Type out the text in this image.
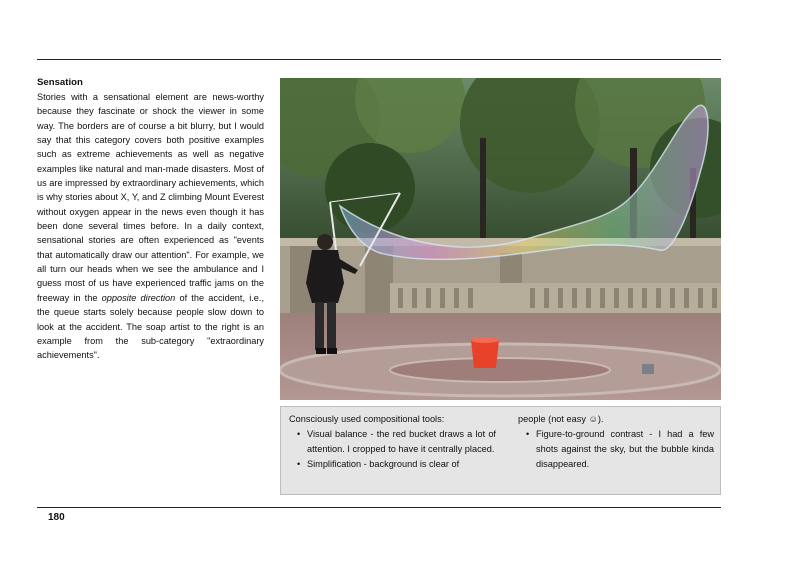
Sensation

Stories with a sensational element are news-worthy because they fascinate or shock the viewer in some way. The borders are of course a bit blurry, but I would say that this category covers both positive examples such as extreme achievements as well as negative examples like natural and man-made disasters. Most of us are impressed by extraordinary achievements, which is why stories about X, Y, and Z climbing Mount Everest without oxygen appear in the news even though it has been done several times before. In a daily context, sensational stories are often experienced as "events that automatically draw our attention". For example, we all turn our heads when we see the ambulance and I guess most of us have experienced traffic jams on the freeway in the opposite direction of the accident, i.e., the queue starts solely because people slow down to look at the accident. The soap artist to the right is an example from the sub-category "extraordinary achievements".

Consciously used compositional tools:

• Visual balance - the red bucket draws a lot of attention. I cropped to have it centrally placed.
• Simplification - background is clear of

people (not easy ☺).

• Figure-to-ground contrast - I had a few shots against the sky, but the bubble kinda disappeared.
180
